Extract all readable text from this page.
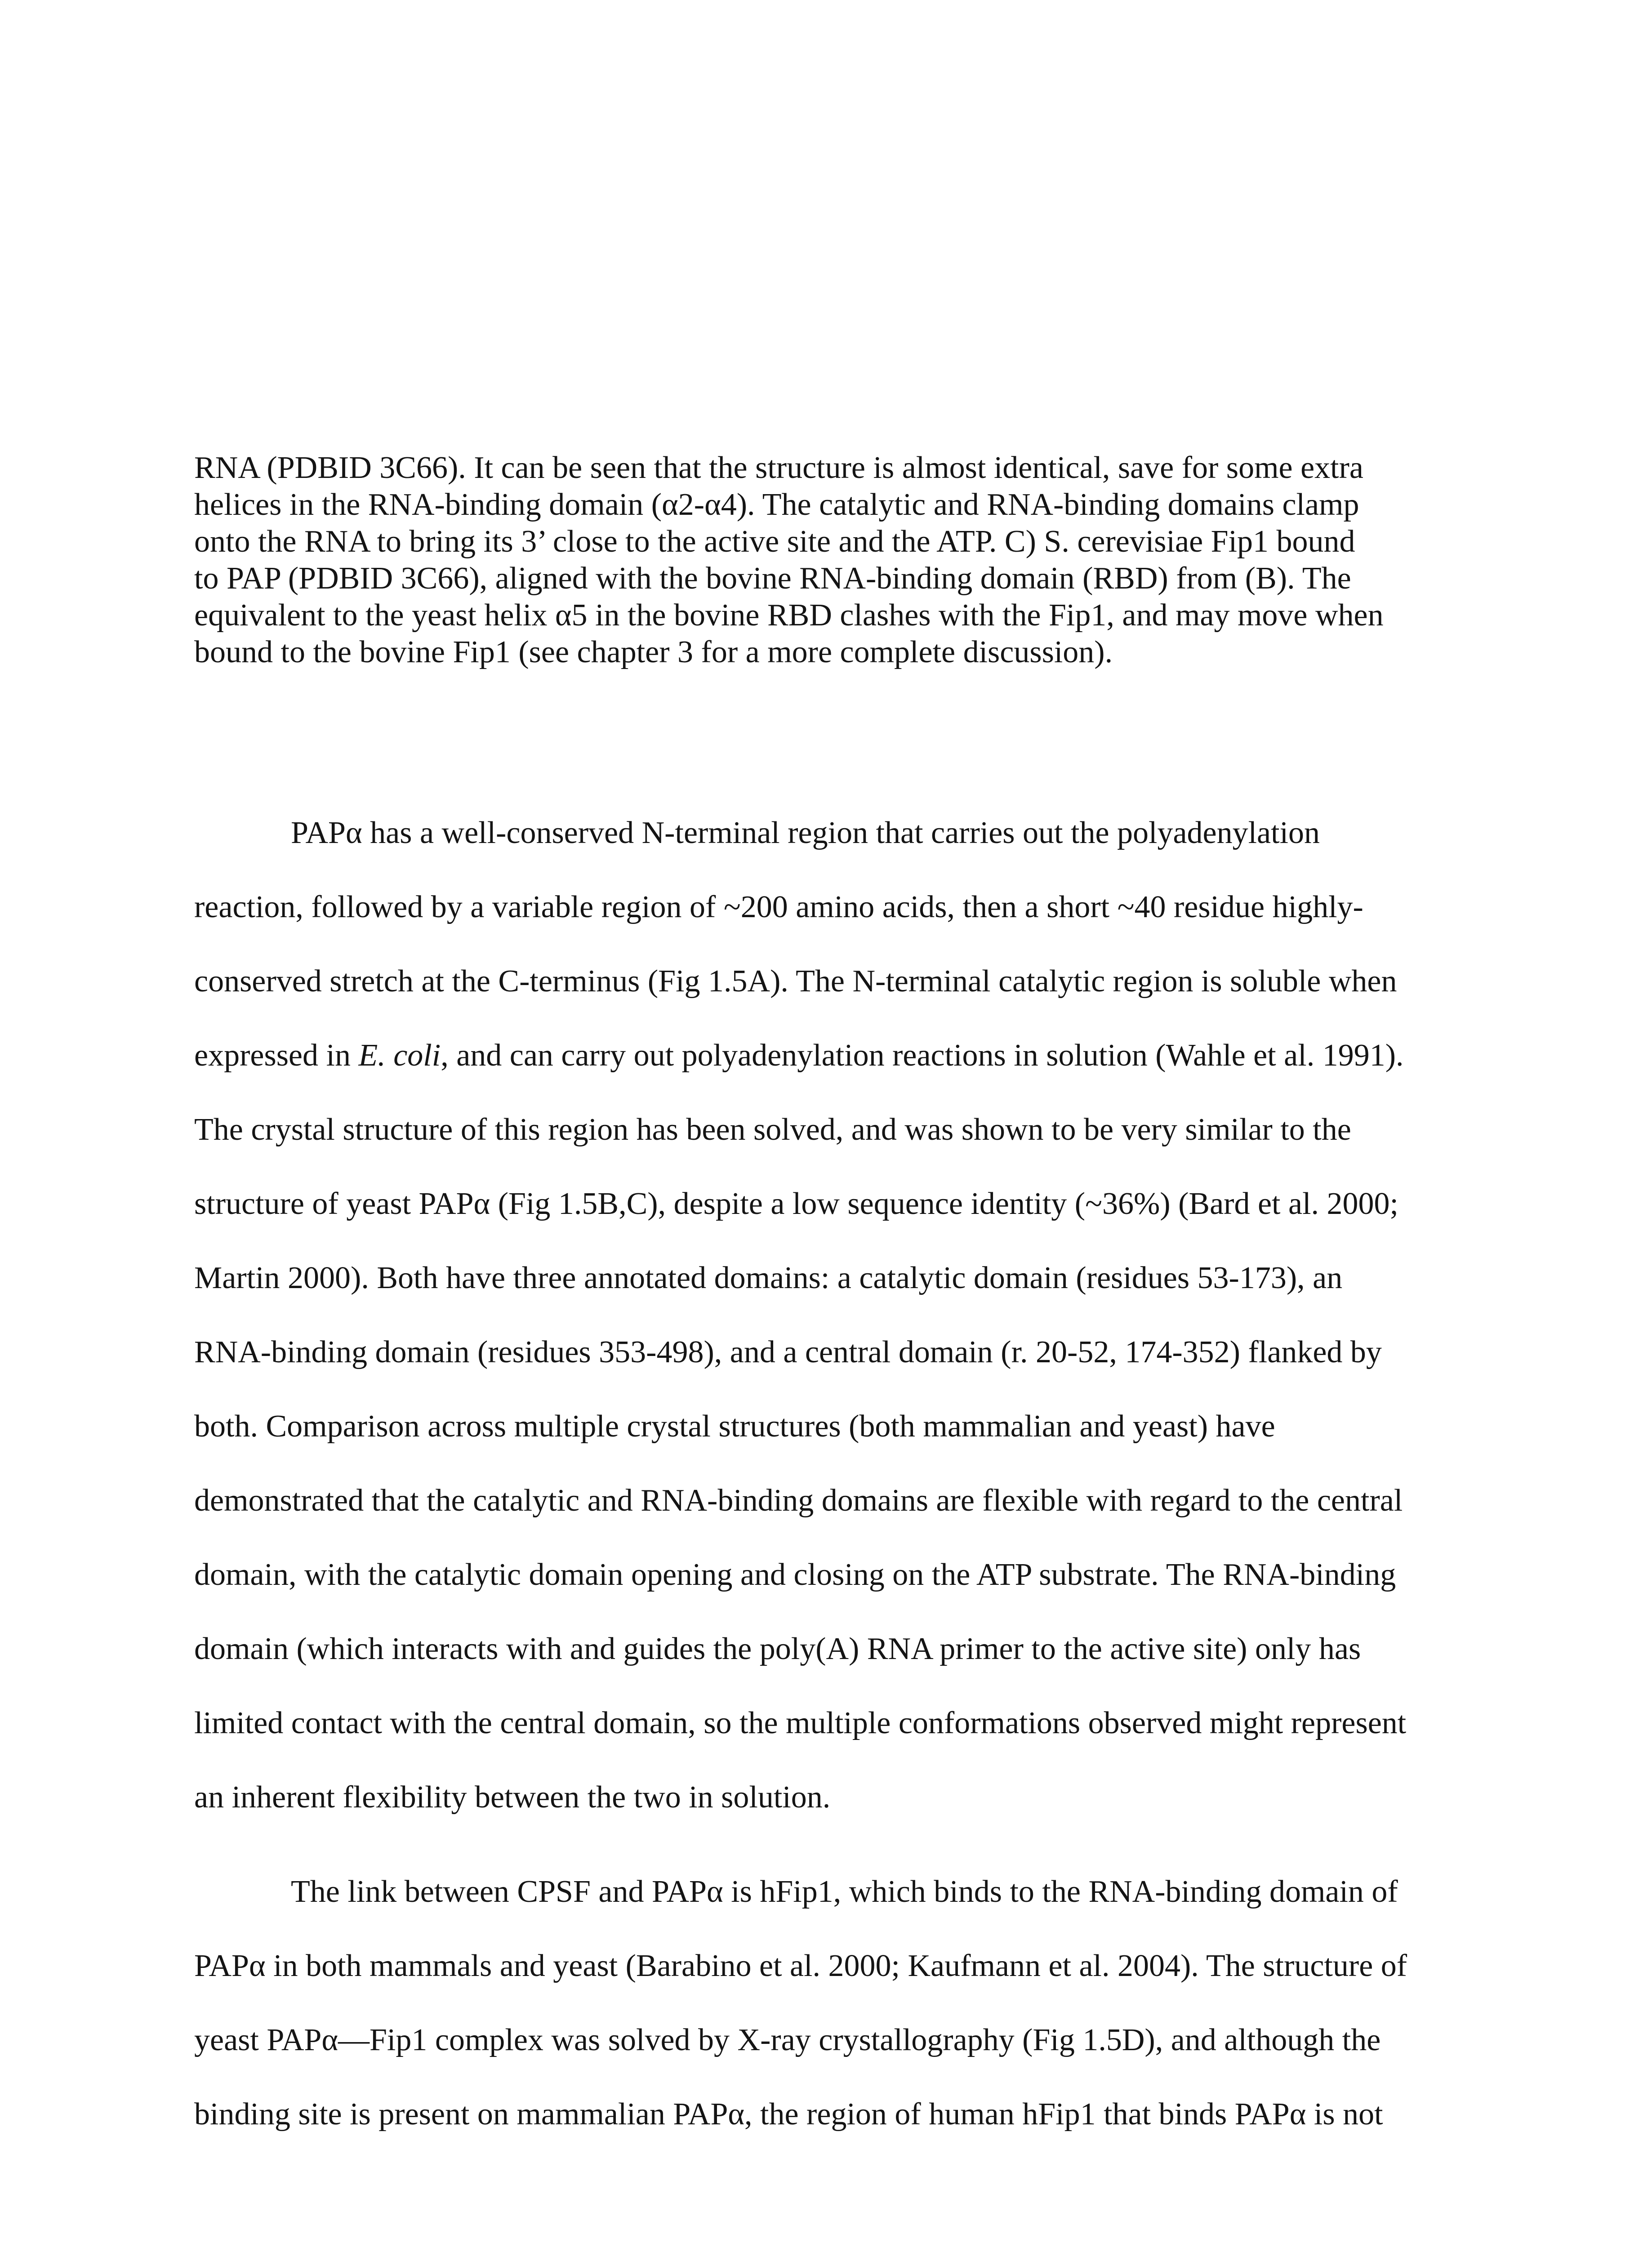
RNA (PDBID 3C66). It can be seen that the structure is almost identical, save for some extra
helices in the RNA-binding domain (α2-α4). The catalytic and RNA-binding domains clamp
onto the RNA to bring its 3’ close to the active site and the ATP. C) S. cerevisiae Fip1 bound
to PAP (PDBID 3C66), aligned with the bovine RNA-binding domain (RBD) from (B). The
equivalent to the yeast helix α5 in the bovine RBD clashes with the Fip1, and may move when
bound to the bovine Fip1 (see chapter 3 for a more complete discussion).
PAPα has a well-conserved N-terminal region that carries out the polyadenylation
reaction, followed by a variable region of ~200 amino acids, then a short ~40 residue highly-
conserved stretch at the C-terminus (Fig 1.5A). The N-terminal catalytic region is soluble when
expressed in E. coli, and can carry out polyadenylation reactions in solution (Wahle et al. 1991).
The crystal structure of this region has been solved, and was shown to be very similar to the
structure of yeast PAPα (Fig 1.5B,C), despite a low sequence identity (~36%) (Bard et al. 2000;
Martin 2000). Both have three annotated domains: a catalytic domain (residues 53-173), an
RNA-binding domain (residues 353-498), and a central domain (r. 20-52, 174-352) flanked by
both. Comparison across multiple crystal structures (both mammalian and yeast) have
demonstrated that the catalytic and RNA-binding domains are flexible with regard to the central
domain, with the catalytic domain opening and closing on the ATP substrate. The RNA-binding
domain (which interacts with and guides the poly(A) RNA primer to the active site) only has
limited contact with the central domain, so the multiple conformations observed might represent
an inherent flexibility between the two in solution.
The link between CPSF and PAPα is hFip1, which binds to the RNA-binding domain of
PAPα in both mammals and yeast (Barabino et al. 2000; Kaufmann et al. 2004). The structure of
yeast PAPα—Fip1 complex was solved by X-ray crystallography (Fig 1.5D), and although the
binding site is present on mammalian PAPα, the region of human hFip1 that binds PAPα is not
